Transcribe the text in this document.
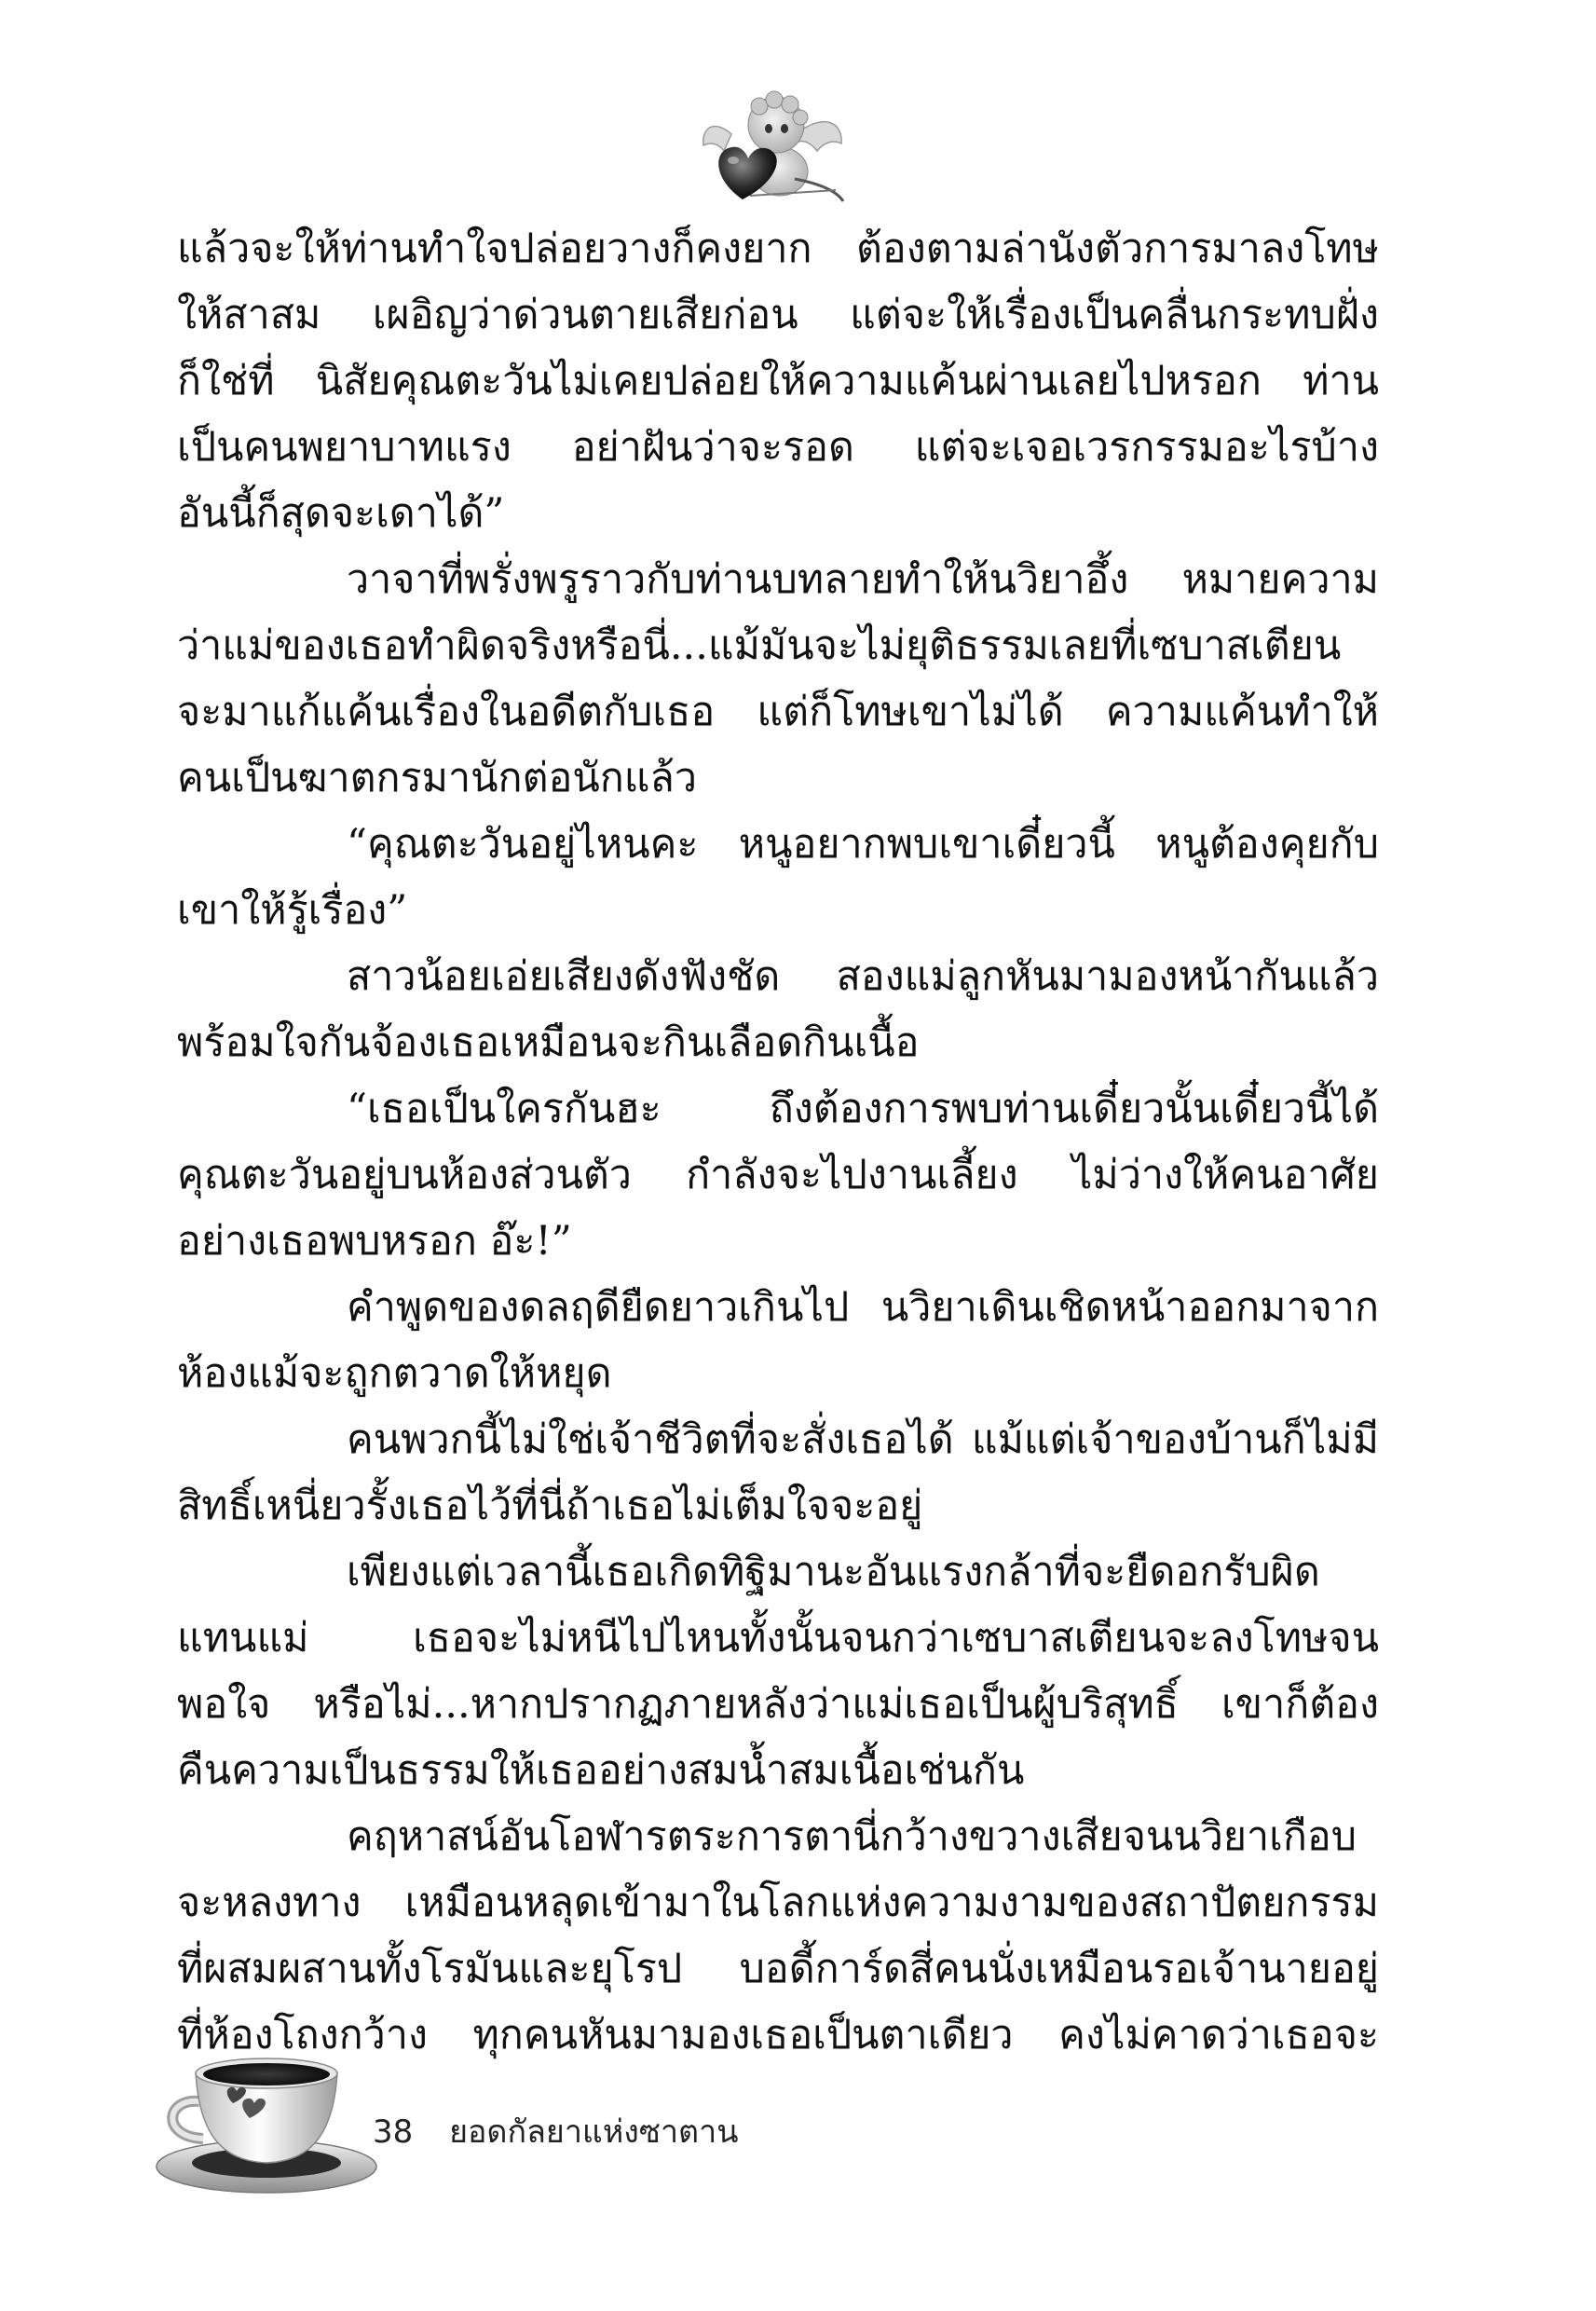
แล้วจะให้ท่านทำใจปล่อยวางก็คงยาก ต้องตามล่านังตัวการมาลงโทษ
ให้สาสม เผอิญว่าด่วนตายเสียก่อน แต่จะให้เรื่องเป็นคลื่นกระทบฝั่ง
ก็ใช่ที่ นิสัยคุณตะวันไม่เคยปล่อยให้ความแค้นผ่านเลยไปหรอก ท่าน
เป็นคนพยาบาทแรง อย่าฝันว่าจะรอด แต่จะเจอเวรกรรมอะไรบ้าง
อันนี้ก็สุดจะเดาได้”
วาจาที่พรั่งพรูราวกับท่านบทลายทำให้นวิยาอึ้ง หมายความ
ว่าแม่ของเธอทำผิดจริงหรือนี่...แม้มันจะไม่ยุติธรรมเลยที่เซบาสเตียน
จะมาแก้แค้นเรื่องในอดีตกับเธอ แต่ก็โทษเขาไม่ได้ ความแค้นทำให้
คนเป็นฆาตกรมานักต่อนักแล้ว
“คุณตะวันอยู่ไหนคะ หนูอยากพบเขาเดี๋ยวนี้ หนูต้องคุยกับ
เขาให้รู้เรื่อง”
สาวน้อยเอ่ยเสียงดังฟังชัด สองแม่ลูกหันมามองหน้ากันแล้ว
พร้อมใจกันจ้องเธอเหมือนจะกินเลือดกินเนื้อ
“เธอเป็นใครกันฮะ ถึงต้องการพบท่านเดี๋ยวนั้นเดี๋ยวนี้ได้
คุณตะวันอยู่บนห้องส่วนตัว กำลังจะไปงานเลี้ยง ไม่ว่างให้คนอาศัย
อย่างเธอพบหรอก อ๊ะ!”
คำพูดของดลฤดียืดยาวเกินไป นวิยาเดินเชิดหน้าออกมาจาก
ห้องแม้จะถูกตวาดให้หยุด
คนพวกนี้ไม่ใช่เจ้าชีวิตที่จะสั่งเธอได้ แม้แต่เจ้าของบ้านก็ไม่มี
สิทธิ์เหนี่ยวรั้งเธอไว้ที่นี่ถ้าเธอไม่เต็มใจจะอยู่
เพียงแต่เวลานี้เธอเกิดทิฐิมานะอันแรงกล้าที่จะยืดอกรับผิด
แทนแม่ เธอจะไม่หนีไปไหนทั้งนั้นจนกว่าเซบาสเตียนจะลงโทษจน
พอใจ หรือไม่...หากปรากฏภายหลังว่าแม่เธอเป็นผู้บริสุทธิ์ เขาก็ต้อง
คืนความเป็นธรรมให้เธออย่างสมน้ำสมเนื้อเช่นกัน
คฤหาสน์อันโอฬารตระการตานี่กว้างขวางเสียจนนวิยาเกือบ
จะหลงทาง เหมือนหลุดเข้ามาในโลกแห่งความงามของสถาปัตยกรรม
ที่ผสมผสานทั้งโรมันและยุโรป บอดี้การ์ดสี่คนนั่งเหมือนรอเจ้านายอยู่
ที่ห้องโถงกว้าง ทุกคนหันมามองเธอเป็นตาเดียว คงไม่คาดว่าเธอจะ
38 ยอดกัลยาแห่งซาตาน
